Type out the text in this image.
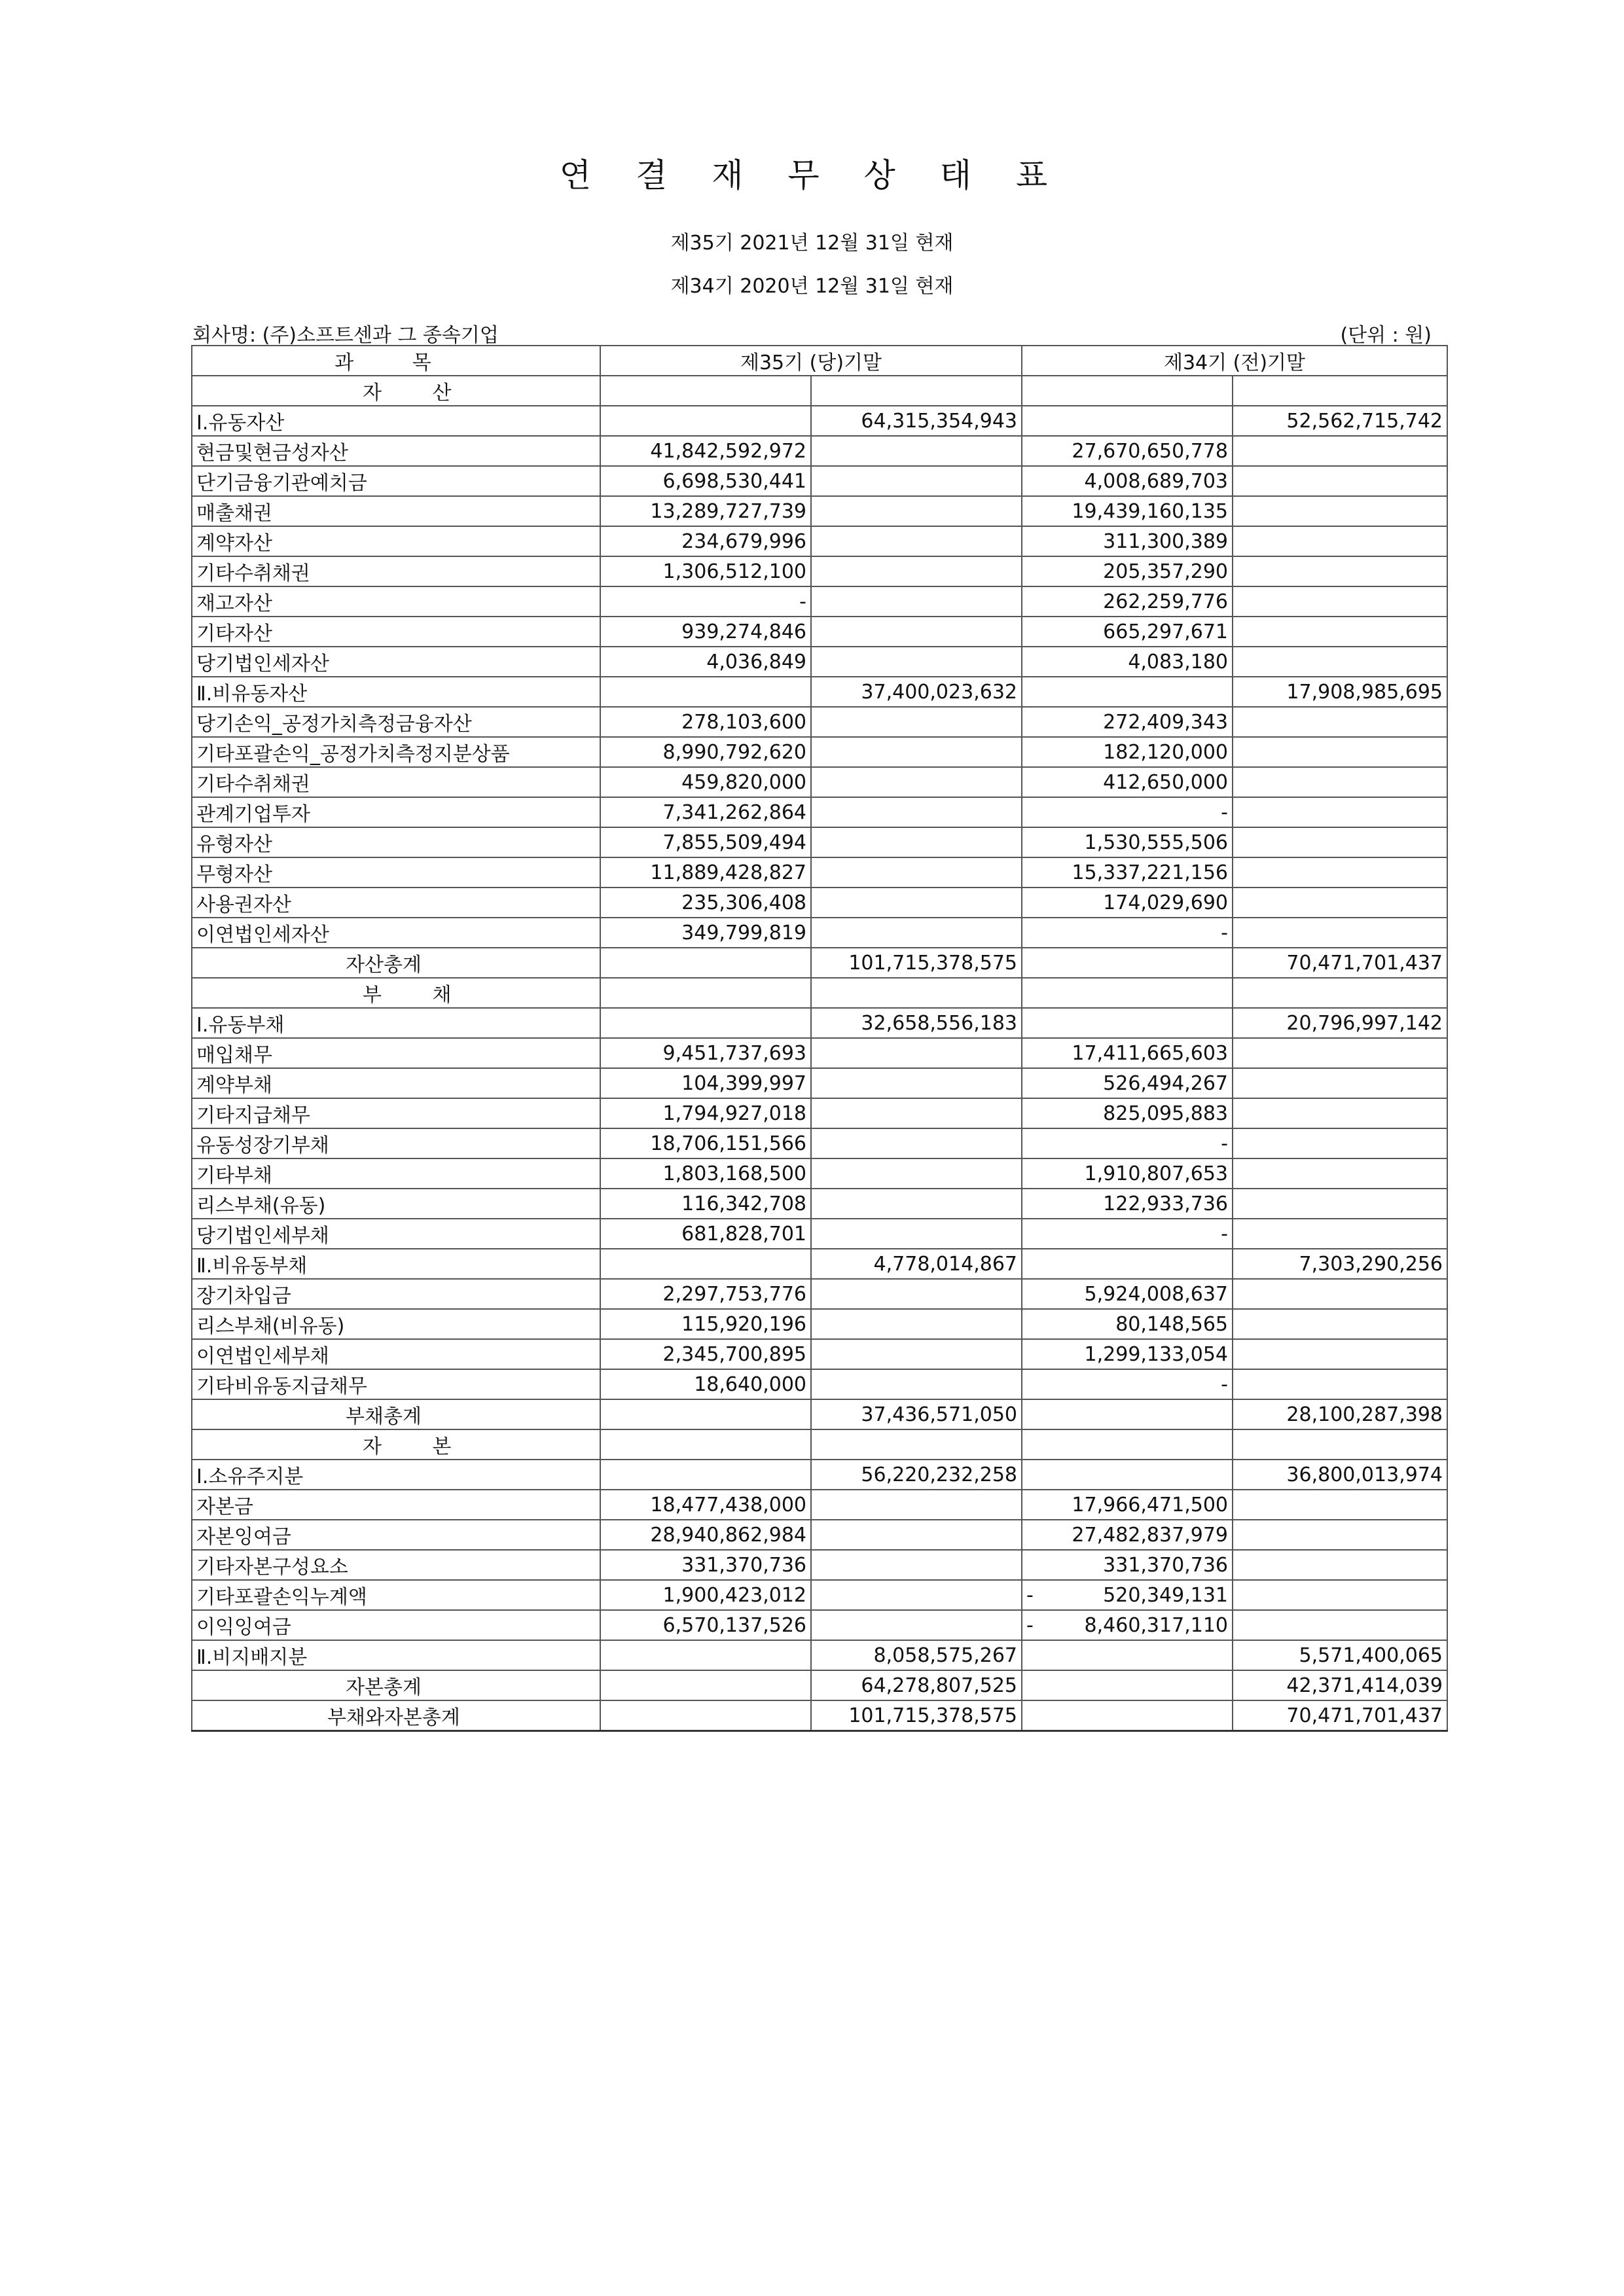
연 결 재 무 상 태 표
제35기 2021년 12월 31일 현재
제34기 2020년 12월 31일 현재
회사명: (주)소프트센과 그 종속기업	(단위 : 원)
과 목	제35기 (당)기말		제34기 (전)기말	
자 산				
Ⅰ.유동자산		64,315,354,943		52,562,715,742
현금및현금성자산	41,842,592,972		27,670,650,778	
단기금융기관예치금	6,698,530,441		4,008,689,703	
매출채권	13,289,727,739		19,439,160,135	
계약자산	234,679,996		311,300,389	
기타수취채권	1,306,512,100		205,357,290	
재고자산	-		262,259,776	
기타자산	939,274,846		665,297,671	
당기법인세자산	4,036,849		4,083,180	
Ⅱ.비유동자산		37,400,023,632		17,908,985,695
당기손익_공정가치측정금융자산	278,103,600		272,409,343	
기타포괄손익_공정가치측정지분상품	8,990,792,620		182,120,000	
기타수취채권	459,820,000		412,650,000	
관계기업투자	7,341,262,864		-	
유형자산	7,855,509,494		1,530,555,506	
무형자산	11,889,428,827		15,337,221,156	
사용권자산	235,306,408		174,029,690	
이연법인세자산	349,799,819		-	
자산총계		101,715,378,575		70,471,701,437
부 채				
Ⅰ.유동부채		32,658,556,183		20,796,997,142
매입채무	9,451,737,693		17,411,665,603	
계약부채	104,399,997		526,494,267	
기타지급채무	1,794,927,018		825,095,883	
유동성장기부채	18,706,151,566		-	
기타부채	1,803,168,500		1,910,807,653	
리스부채(유동)	116,342,708		122,933,736	
당기법인세부채	681,828,701		-	
Ⅱ.비유동부채		4,778,014,867		7,303,290,256
장기차입금	2,297,753,776		5,924,008,637	
리스부채(비유동)	115,920,196		80,148,565	
이연법인세부채	2,345,700,895		1,299,133,054	
기타비유동지급채무	18,640,000		-	
부채총계		37,436,571,050		28,100,287,398
자 본				
Ⅰ.소유주지분		56,220,232,258		36,800,013,974
자본금	18,477,438,000		17,966,471,500	
자본잉여금	28,940,862,984		27,482,837,979	
기타자본구성요소	331,370,736		331,370,736	
기타포괄손익누계액	1,900,423,012		- 520,349,131	

이익잉여금	6,570,137,526		- 8,460,317,110	

Ⅱ.비지배지분		8,058,575,267		5,571,400,065
자본총계		64,278,807,525		42,371,414,039
부채와자본총계		101,715,378,575		70,471,701,437
